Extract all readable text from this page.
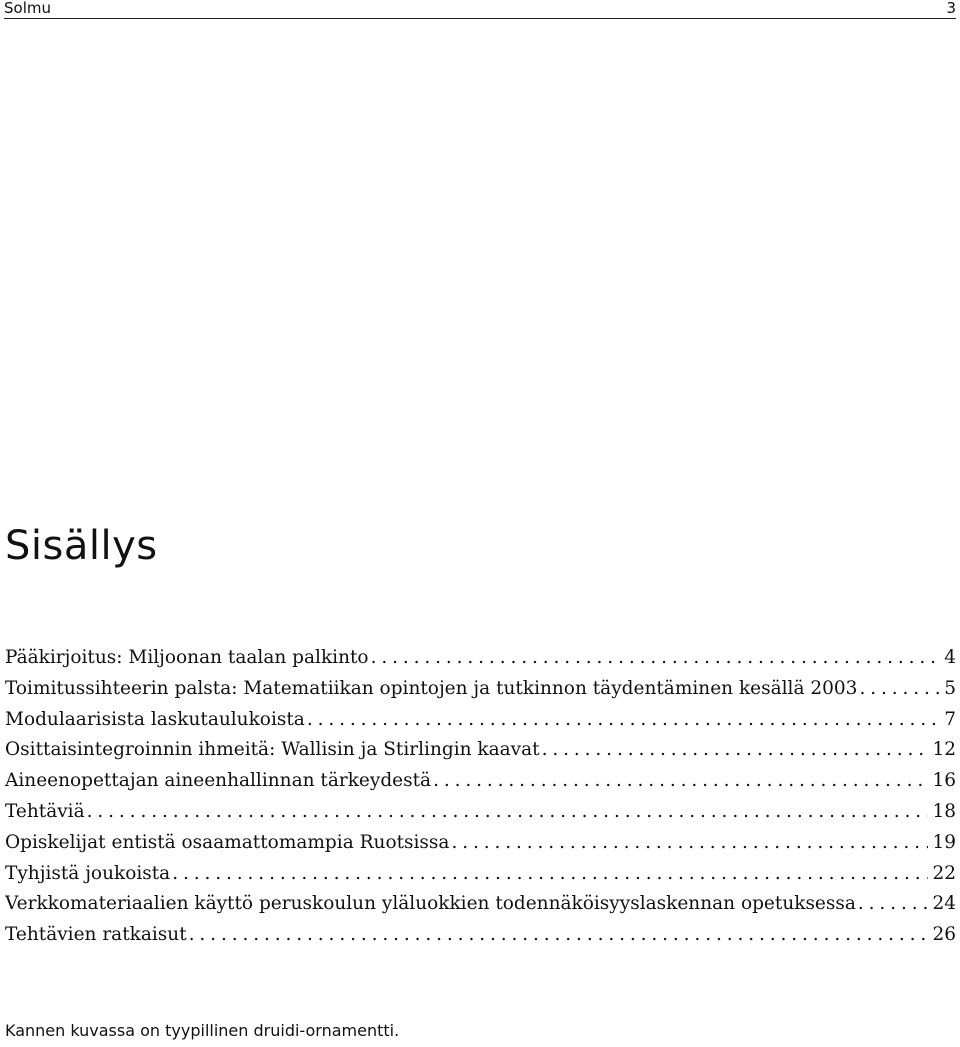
Solmu	3
Sisällys
Pääkirjoitus: Miljoonan taalan palkinto . . .	4
Toimitussihteerin palsta: Matematiikan opintojen ja tutkinnon täydentäminen kesällä 2003 . . .	5
Modulaarisista laskutaulukoista . . .	7
Osittaisintegroinnin ihmeitä: Wallisin ja Stirlingin kaavat . . .	12
Aineenopettajan aineenhallinnan tärkeydestä . . .	16
Tehtäviä . . .	18
Opiskelijat entistä osaamattomampia Ruotsissa . . .	19
Tyhjistä joukoista . . .	22
Verkkomateriaalien käyttö peruskoulun yläluokkien todennäköisyyslaskennan opetuksessa . . .	24
Tehtävien ratkaisut . . .	26

Kannen kuvassa on tyypillinen druidi-ornamentti.
